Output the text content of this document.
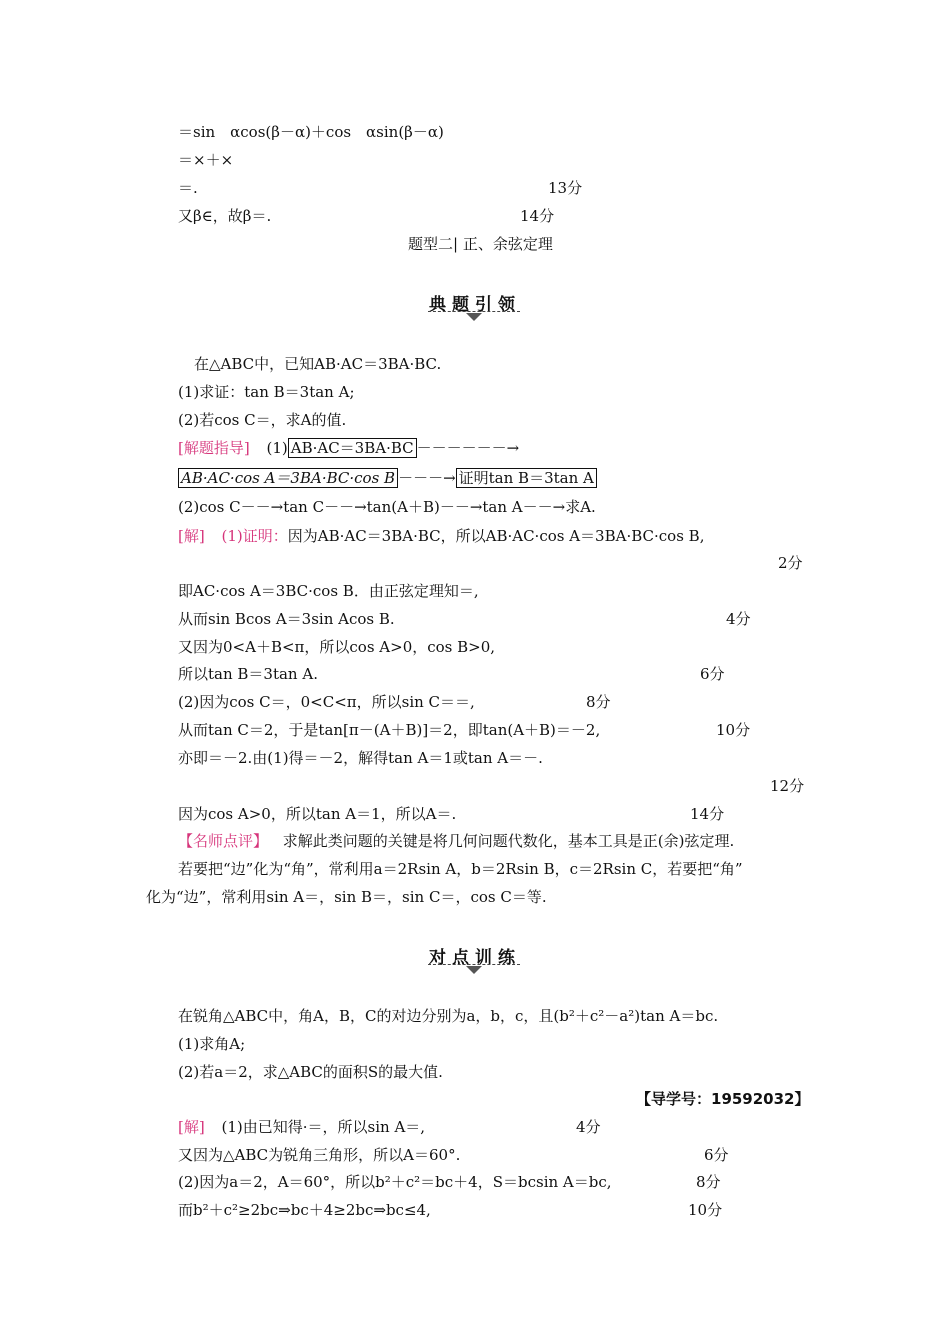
＝sin　αcos(β－α)＋cos　αsin(β－α)
＝×＋×
＝.	13分
又β∈，故β＝.	14分
题型二| 正、余弦定理
典题引领
在△ABC中，已知AB·AC＝3BA·BC.
(1)求证：tan B＝3tan A;
(2)若cos C＝，求A的值.
[解题指导] (1) AB·AC＝3BA·BC －－－－－－→
AB·AC·cos A＝3BA·BC·cos B －－－→ 证明tan B＝3tan A
(2)cos C－－→tan C－－→tan(A＋B)－－→tan A－－→求A.
[解] (1)证明：因为AB·AC＝3BA·BC，所以AB·AC·cos A＝3BA·BC·cos B,
2分
即AC·cos A＝3BC·cos B．由正弦定理知＝,
从而sin Bcos A＝3sin Acos B.	4分
又因为0<A＋B<π，所以cos A>0，cos B>0,
所以tan B＝3tan A.	6分
(2)因为cos C＝，0<C<π，所以sin C＝＝,	8分
从而tan C＝2，于是tan[π－(A＋B)]＝2，即tan(A＋B)＝－2,	10分
亦即＝－2.由(1)得＝－2，解得tan A＝1或tan A＝－.
12分
因为cos A>0，所以tan A＝1，所以A＝.	14分
【名师点评】 求解此类问题的关键是将几何问题代数化，基本工具是正(余)弦定理.
若要把“边”化为“角”，常利用a＝2Rsin A，b＝2Rsin B，c＝2Rsin C，若要把“角”
化为“边”，常利用sin A＝，sin B＝，sin C＝，cos C＝等.
对点训练
在锐角△ABC中，角A，B，C的对边分别为a，b，c，且(b²＋c²－a²)tan A＝bc.
(1)求角A;
(2)若a＝2，求△ABC的面积S的最大值.
【导学号：19592032】
[解] (1)由已知得·＝，所以sin A＝,	4分
又因为△ABC为锐角三角形，所以A＝60°.	6分
(2)因为a＝2，A＝60°，所以b²＋c²＝bc＋4，S＝bcsin A＝bc,	8分
而b²＋c²≥2bc⇒bc＋4≥2bc⇒bc≤4,	10分
